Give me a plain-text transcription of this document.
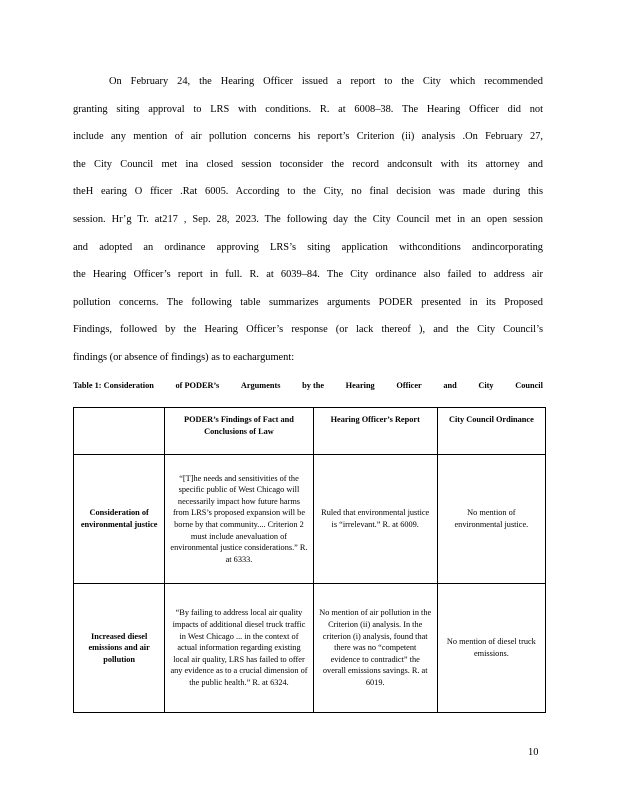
On February 24, the Hearing Officer issued a report to the City which recommended
granting siting approval to LRS with conditions. R. at 6008–38. The Hearing Officer did not
include any mention of air pollution concerns his report’s Criterion (ii) analysis .On February 27,
the City Council met ina closed session toconsider the record andconsult with its attorney and
theH earing O fficer .Rat 6005. According to the City, no final decision was made during this
session. Hr’g Tr. at217 , Sep. 28, 2023. The following day the City Council met in an open session
and adopted an ordinance approving LRS’s siting application withconditions andincorporating
the Hearing Officer’s report in full. R. at 6039–84. The City ordinance also failed to address air
pollution concerns. The following table summarizes arguments PODER presented in its Proposed
Findings, followed by the Hearing Officer’s response (or lack thereof ), and the City Council’s
findings (or absence of findings) as to eachargument:
Table 1: Consideration	of PODER’s	Arguments	by the	Hearing	Officer	and	City	Council
	PODER’s Findings of Fact and Conclusions of Law	Hearing Officer’s Report	City Council Ordinance
Consideration of environmental justice	“[T]he needs and sensitivities of the specific public of West Chicago will necessarily impact how future harms from LRS’s proposed expansion will be borne by that community.... Criterion 2 must include anevaluation of environmental justice considerations.” R. at 6333.	Ruled that environmental justice is “irrelevant.” R. at 6009.	No mention of environmental justice.
Increased diesel emissions and air pollution	“By failing to address local air quality impacts of additional diesel truck traffic in West Chicago ... in the context of actual information regarding existing local air quality, LRS has failed to offer any evidence as to a crucial dimension of the public health.” R. at 6324.	No mention of air pollution in the Criterion (ii) analysis. In the criterion (i) analysis, found that there was no “competent evidence to contradict” the overall emissions savings. R. at 6019.	No mention of diesel truck emissions.
10
